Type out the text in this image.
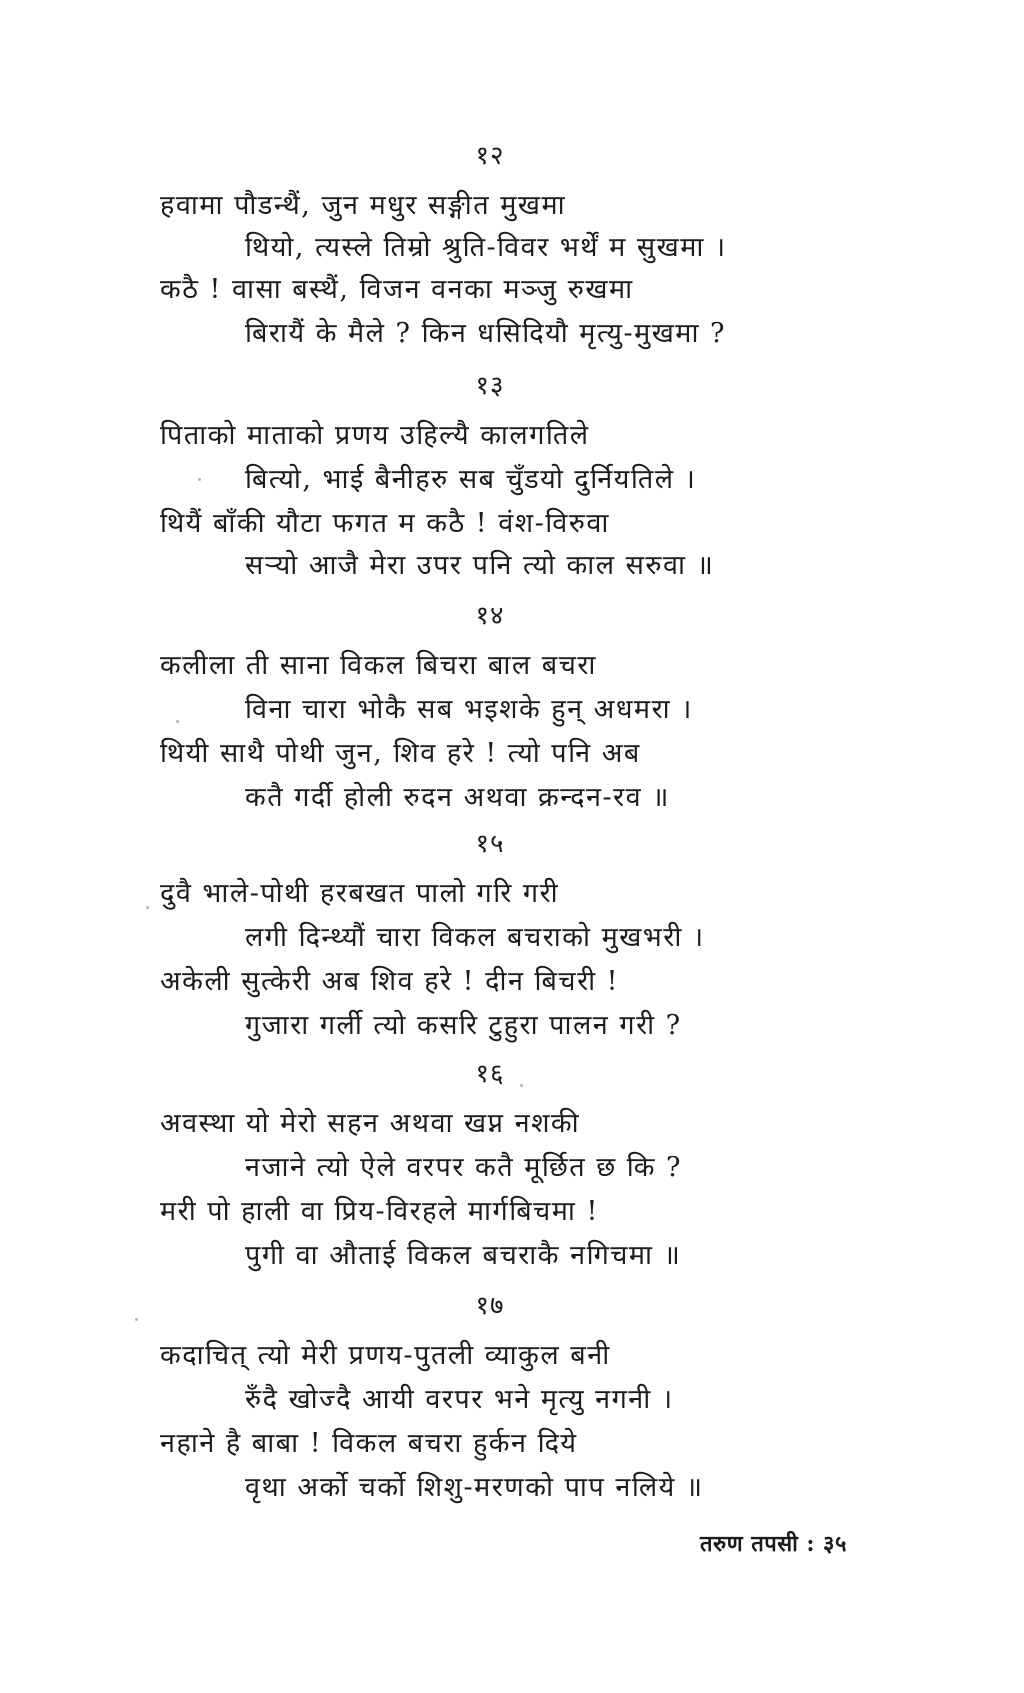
१२
हवामा पौडन्थैं, जुन मधुर सङ्गीत मुखमा
थियो, त्यस्ले तिम्रो श्रुति-विवर भर्थें म सुखमा ।
कठै ! वासा बस्थैं, विजन वनका मञ्जु रुखमा
बिरायैं के मैले ? किन धसिदियौ मृत्यु-मुखमा ?
१३
पिताको माताको प्रणय उहिल्यै कालगतिले
बित्यो, भाई बैनीहरु सब चुँडयो दुर्नियतिले ।
थियैं बाँकी यौटा फगत म कठै ! वंश-विरुवा
सऱ्यो आजै मेरा उपर पनि त्यो काल सरुवा ॥
१४
कलीला ती साना विकल बिचरा बाल बचरा
विना चारा भोकै सब भइशके हुन् अधमरा ।
थियी साथै पोथी जुन, शिव हरे ! त्यो पनि अब
कतै गर्दी होली रुदन अथवा क्रन्दन-रव ॥
१५
दुवै भाले-पोथी हरबखत पालो गरि गरी
लगी दिन्थ्यौं चारा विकल बचराको मुखभरी ।
अकेली सुत्केरी अब शिव हरे ! दीन बिचरी !
गुजारा गर्ली त्यो कसरि टुहुरा पालन गरी ?
१६
अवस्था यो मेरो सहन अथवा खप्न नशकी
नजाने त्यो ऐले वरपर कतै मूर्छित छ कि ?
मरी पो हाली वा प्रिय-विरहले मार्गबिचमा !
पुगी वा औताई विकल बचराकै नगिचमा ॥
१७
कदाचित् त्यो मेरी प्रणय-पुतली व्याकुल बनी
रुँदै खोज्दै आयी वरपर भने मृत्यु नगनी ।
नहाने है बाबा ! विकल बचरा हुर्कन दिये
वृथा अर्को चर्को शिशु-मरणको पाप नलिये ॥
तरुण तपसी : ३५
